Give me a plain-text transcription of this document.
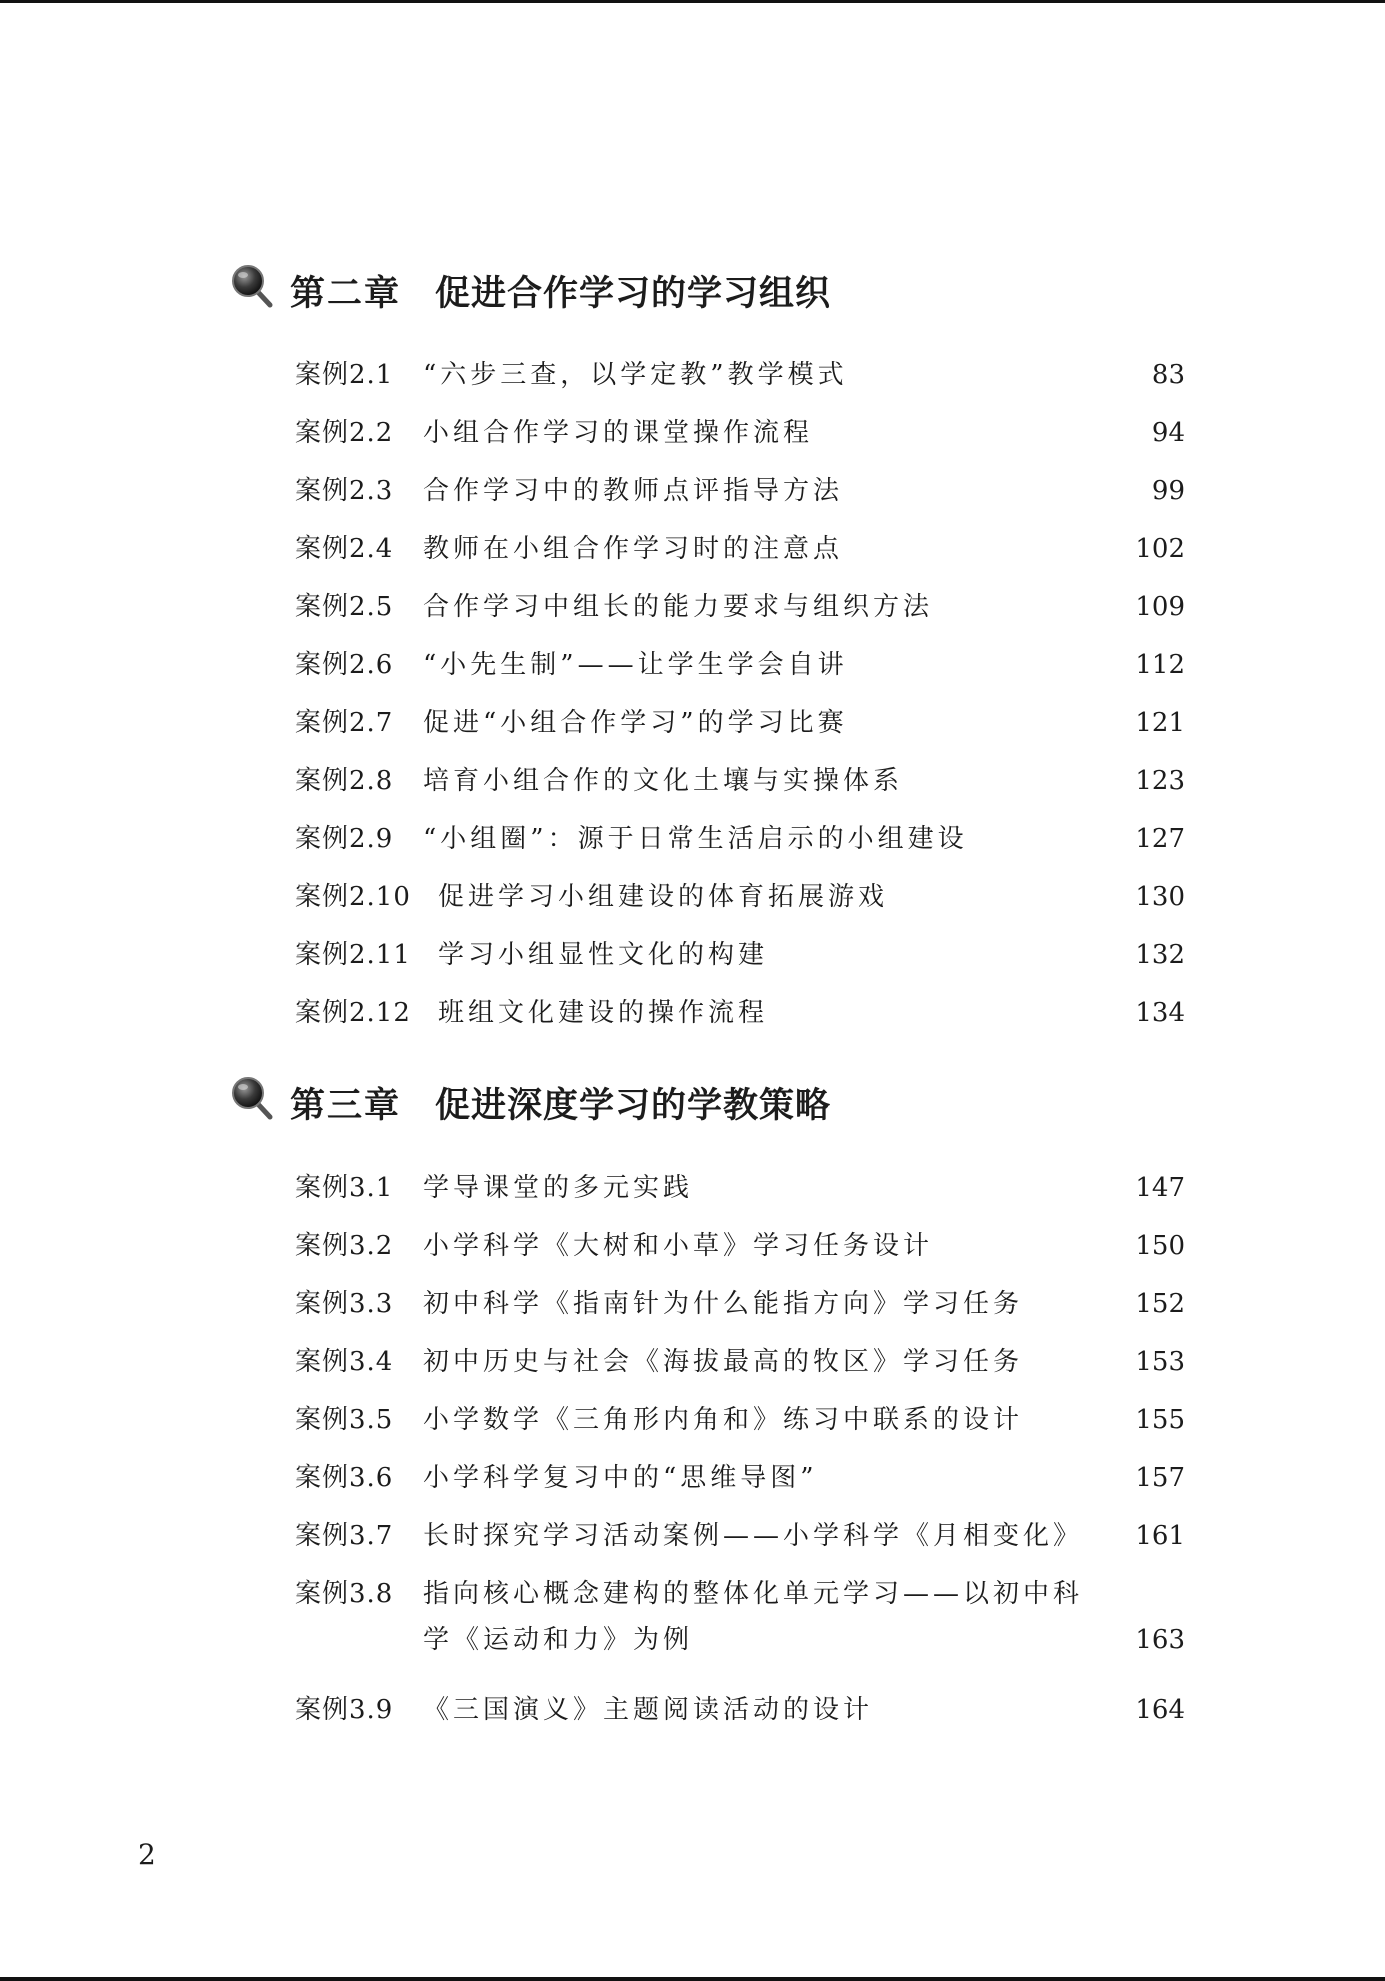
第二章 促进合作学习的学习组织
案例2.1 “六步三查，以学定教”教学模式	83
案例2.2 小组合作学习的课堂操作流程	94
案例2.3 合作学习中的教师点评指导方法	99
案例2.4 教师在小组合作学习时的注意点	102
案例2.5 合作学习中组长的能力要求与组织方法	109
案例2.6 “小先生制”——让学生学会自讲	112
案例2.7 促进“小组合作学习”的学习比赛	121
案例2.8 培育小组合作的文化土壤与实操体系	123
案例2.9 “小组圈”：源于日常生活启示的小组建设	127
案例2.10 促进学习小组建设的体育拓展游戏	130
案例2.11 学习小组显性文化的构建	132
案例2.12 班组文化建设的操作流程	134
第三章 促进深度学习的学教策略
案例3.1 学导课堂的多元实践	147
案例3.2 小学科学《大树和小草》学习任务设计	150
案例3.3 初中科学《指南针为什么能指方向》学习任务	152
案例3.4 初中历史与社会《海拔最高的牧区》学习任务	153
案例3.5 小学数学《三角形内角和》练习中联系的设计	155
案例3.6 小学科学复习中的“思维导图”	157
案例3.7 长时探究学习活动案例——小学科学《月相变化》	161
案例3.8 指向核心概念建构的整体化单元学习——以初中科
学《运动和力》为例	163
案例3.9 《三国演义》主题阅读活动的设计	164
2
